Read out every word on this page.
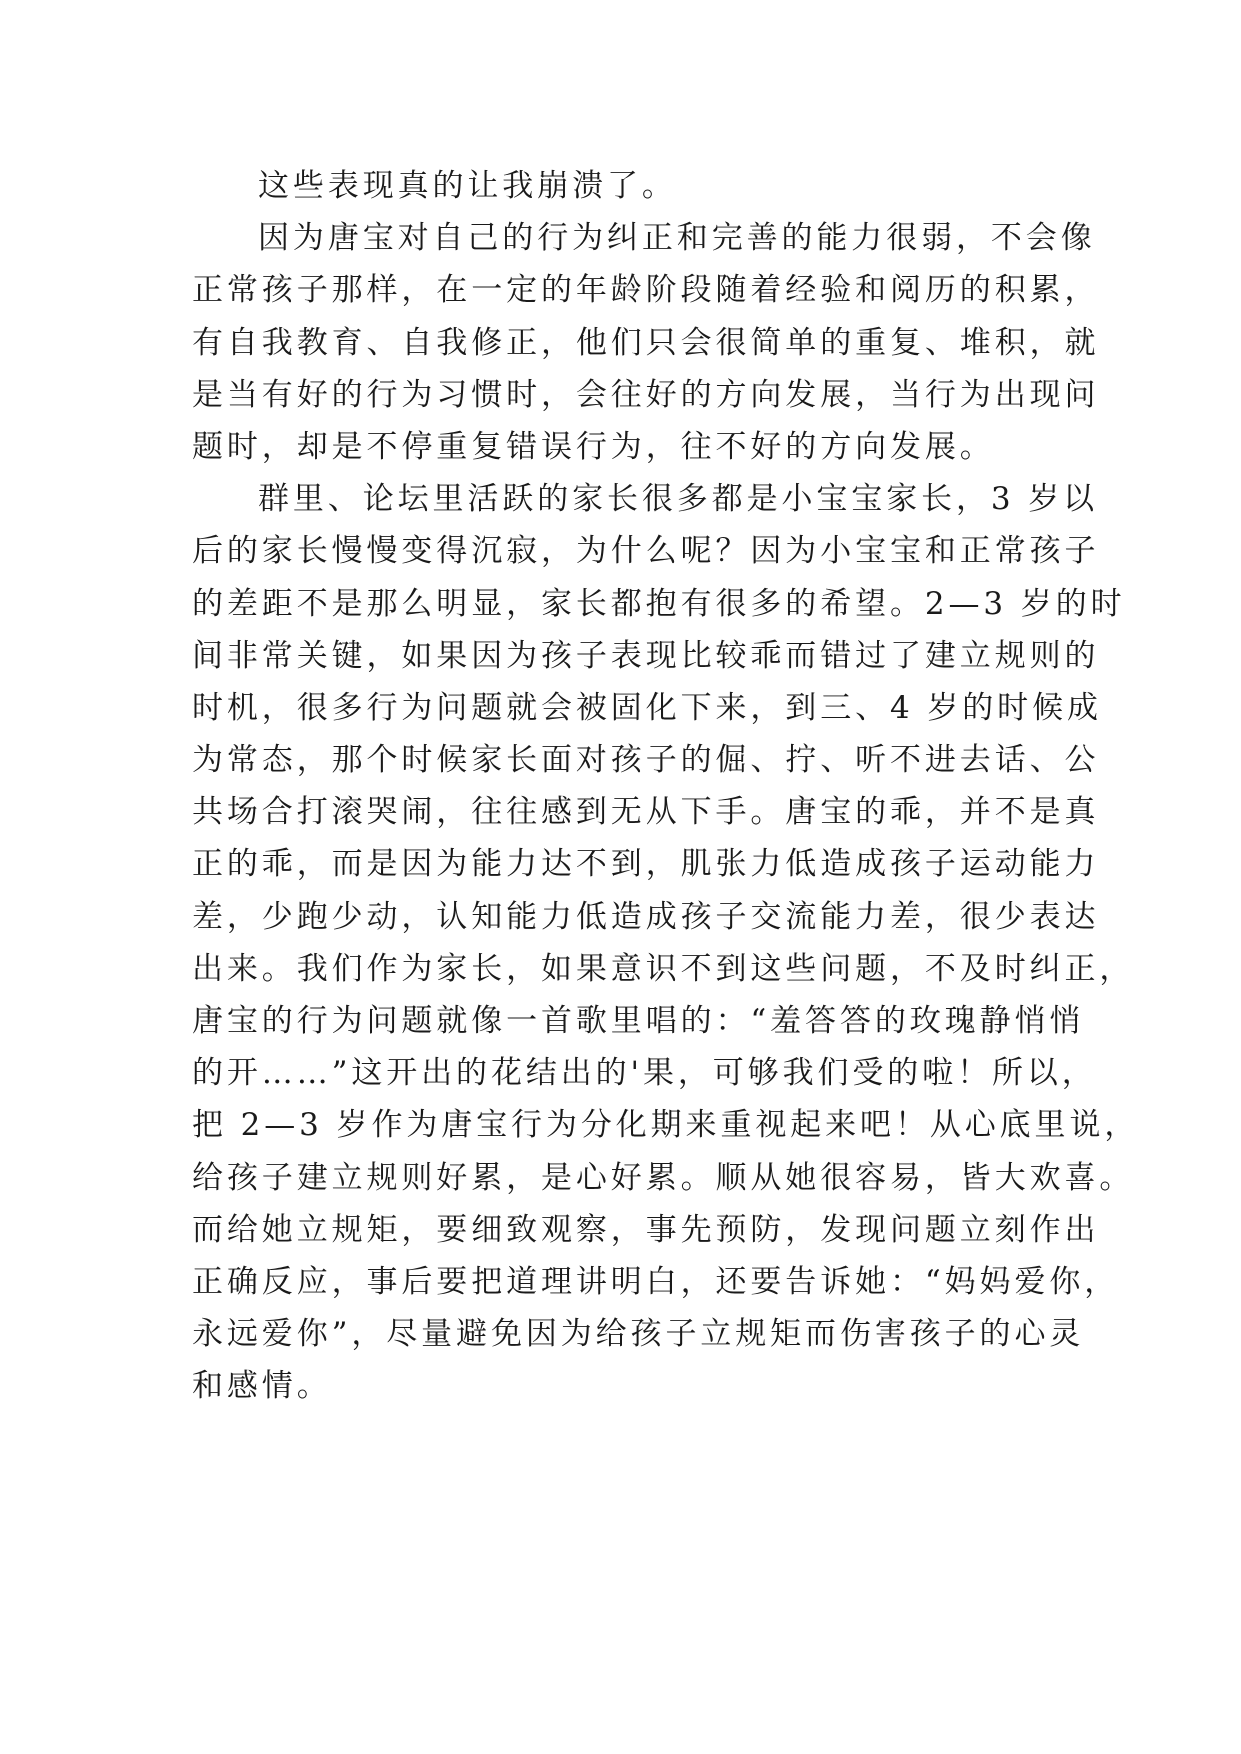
这些表现真的让我崩溃了。
因为唐宝对自己的行为纠正和完善的能力很弱，不会像
正常孩子那样，在一定的年龄阶段随着经验和阅历的积累，
有自我教育、自我修正，他们只会很简单的重复、堆积，就
是当有好的行为习惯时，会往好的方向发展，当行为出现问
题时，却是不停重复错误行为，往不好的方向发展。
群里、论坛里活跃的家长很多都是小宝宝家长，3 岁以
后的家长慢慢变得沉寂，为什么呢？因为小宝宝和正常孩子
的差距不是那么明显，家长都抱有很多的希望。2—3 岁的时
间非常关键，如果因为孩子表现比较乖而错过了建立规则的
时机，很多行为问题就会被固化下来，到三、4 岁的时候成
为常态，那个时候家长面对孩子的倔、拧、听不进去话、公
共场合打滚哭闹，往往感到无从下手。唐宝的乖，并不是真
正的乖，而是因为能力达不到，肌张力低造成孩子运动能力
差，少跑少动，认知能力低造成孩子交流能力差，很少表达
出来。我们作为家长，如果意识不到这些问题，不及时纠正，
唐宝的行为问题就像一首歌里唱的：“羞答答的玫瑰静悄悄
的开……”这开出的花结出的'果，可够我们受的啦！所以，
把 2—3 岁作为唐宝行为分化期来重视起来吧！从心底里说，
给孩子建立规则好累，是心好累。顺从她很容易，皆大欢喜。
而给她立规矩，要细致观察，事先预防，发现问题立刻作出
正确反应，事后要把道理讲明白，还要告诉她：“妈妈爱你，
永远爱你”，尽量避免因为给孩子立规矩而伤害孩子的心灵
和感情。
